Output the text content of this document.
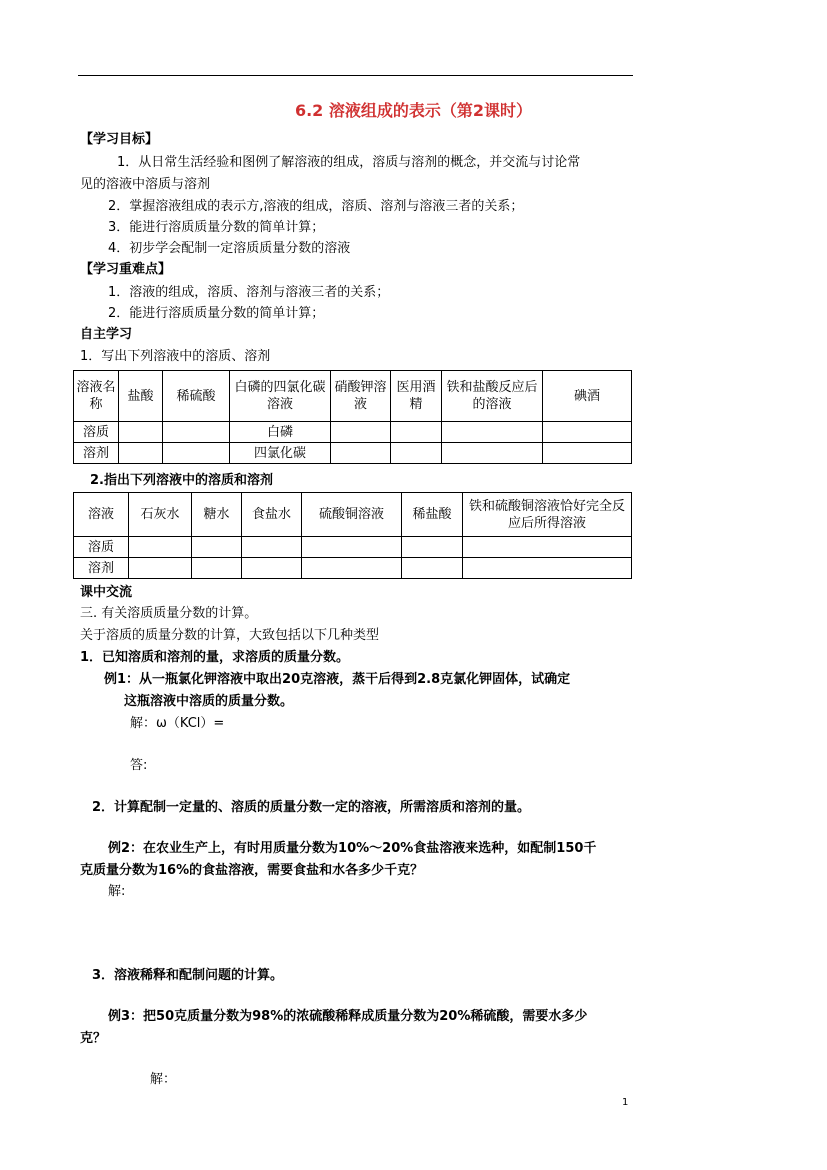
6.2 溶液组成的表示（第2课时）
【学习目标】
1．从日常生活经验和图例了解溶液的组成，溶质与溶剂的概念，并交流与讨论常
见的溶液中溶质与溶剂
2．掌握溶液组成的表示方,溶液的组成，溶质、溶剂与溶液三者的关系；
3．能进行溶质质量分数的简单计算；
4．初步学会配制一定溶质质量分数的溶液
【学习重难点】
1．溶液的组成，溶质、溶剂与溶液三者的关系；
2．能进行溶质质量分数的简单计算；
自主学习
1．写出下列溶液中的溶质、溶剂
溶液名称	盐酸	稀硫酸	白磷的四氯化碳溶液	硝酸钾溶液	医用酒精	铁和盐酸反应后的溶液	碘酒
溶质			白磷				
溶剂			四氯化碳				
2.指出下列溶液中的溶质和溶剂
溶液	石灰水	糖水	食盐水	硫酸铜溶液	稀盐酸	铁和硫酸铜溶液恰好完全反应后所得溶液
溶质						
溶剂						
课中交流
三. 有关溶质质量分数的计算。
关于溶质的质量分数的计算，大致包括以下几种类型
1．已知溶质和溶剂的量，求溶质的质量分数。
例1：从一瓶氯化钾溶液中取出20克溶液，蒸干后得到2.8克氯化钾固体，试确定
这瓶溶液中溶质的质量分数。
解：ω（KCl）=
答:
2．计算配制一定量的、溶质的质量分数一定的溶液，所需溶质和溶剂的量。
例2：在农业生产上，有时用质量分数为10%～20%食盐溶液来选种，如配制150千
克质量分数为16%的食盐溶液，需要食盐和水各多少千克？
解:
3．溶液稀释和配制问题的计算。
例3：把50克质量分数为98%的浓硫酸稀释成质量分数为20%稀硫酸，需要水多少
克？
解：
1
